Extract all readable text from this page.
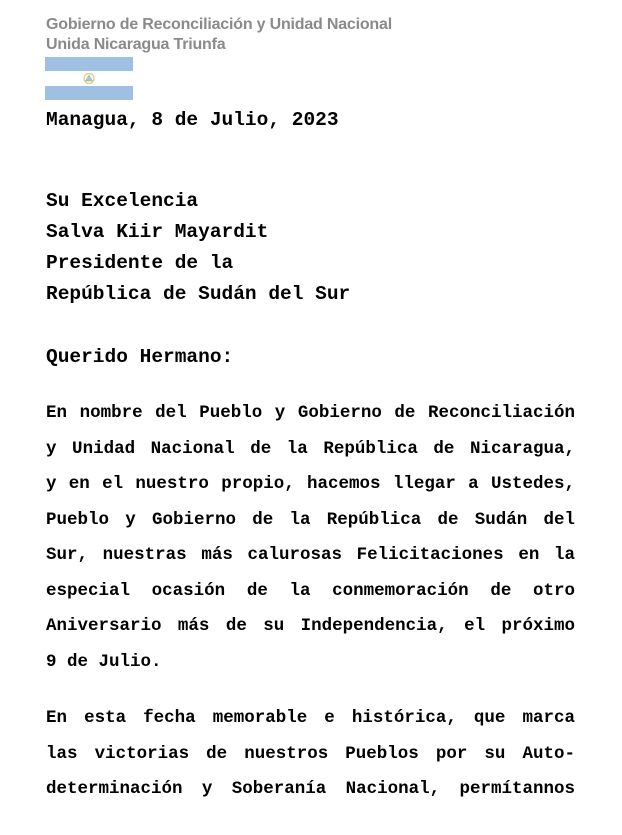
Gobierno de Reconciliación y Unidad Nacional
Unida Nicaragua Triunfa
Managua, 8 de Julio, 2023
Su Excelencia
Salva Kiir Mayardit
Presidente de la
República de Sudán del Sur
Querido Hermano:
En nombre del Pueblo y Gobierno de Reconciliación
y Unidad Nacional de la República de Nicaragua,
y en el nuestro propio, hacemos llegar a Ustedes,
Pueblo y Gobierno de la República de Sudán del
Sur, nuestras más calurosas Felicitaciones en la
especial ocasión de la conmemoración de otro
Aniversario más de su Independencia, el próximo
9 de Julio.
En esta fecha memorable e histórica, que marca
las victorias de nuestros Pueblos por su Auto-
determinación y Soberanía Nacional, permítannos
